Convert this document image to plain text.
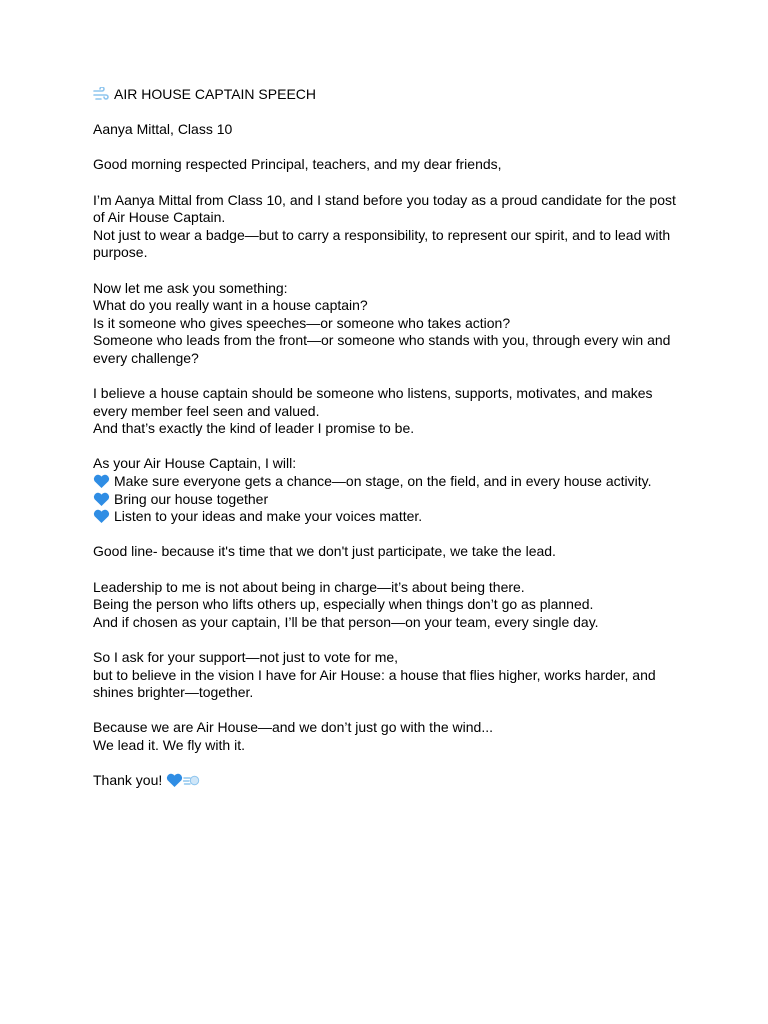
AIR HOUSE CAPTAIN SPEECH

Aanya Mittal, Class 10

Good morning respected Principal, teachers, and my dear friends,

I’m Aanya Mittal from Class 10, and I stand before you today as a proud candidate for the post of Air House Captain.
Not just to wear a badge—but to carry a responsibility, to represent our spirit, and to lead with purpose.

Now let me ask you something:
What do you really want in a house captain?
Is it someone who gives speeches—or someone who takes action?
Someone who leads from the front—or someone who stands with you, through every win and every challenge?

I believe a house captain should be someone who listens, supports, motivates, and makes every member feel seen and valued.
And that’s exactly the kind of leader I promise to be.

As your Air House Captain, I will:
Make sure everyone gets a chance—on stage, on the field, and in every house activity.
Bring our house together
Listen to your ideas and make your voices matter.

Good line- because it's time that we don't just participate, we take the lead.

Leadership to me is not about being in charge—it’s about being there.
Being the person who lifts others up, especially when things don’t go as planned.
And if chosen as your captain, I’ll be that person—on your team, every single day.

So I ask for your support—not just to vote for me,
but to believe in the vision I have for Air House: a house that flies higher, works harder, and shines brighter—together.

Because we are Air House—and we don’t just go with the wind...
We lead it. We fly with it.

Thank you!
